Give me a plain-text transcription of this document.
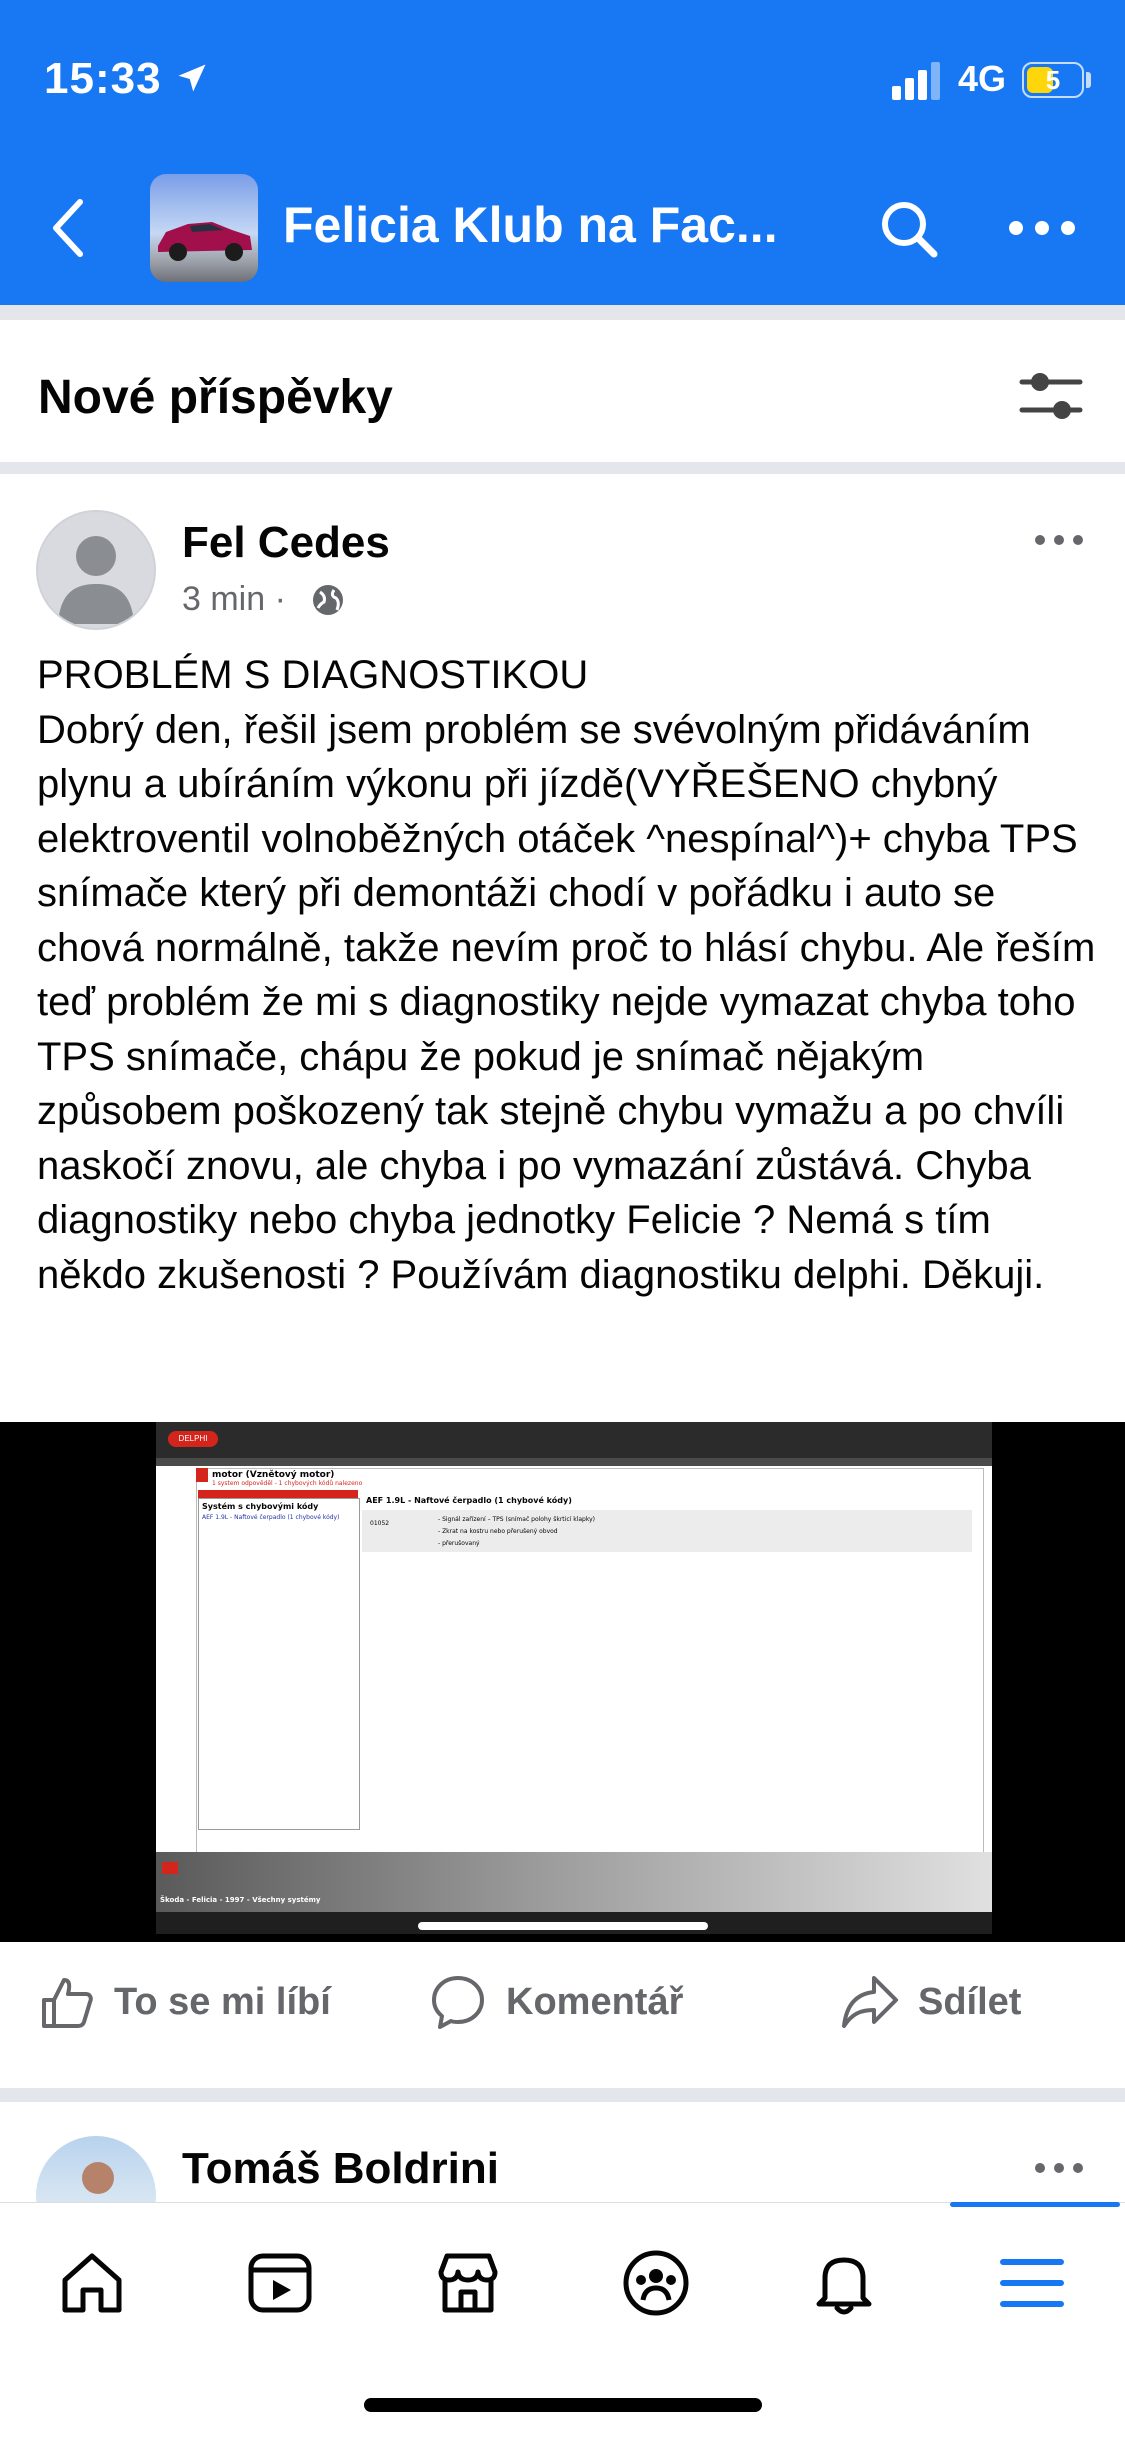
15:33	4G	5
Felicia Klub na Fac...
Nové příspěvky
Fel Cedes
3 min ·
PROBLÉM S DIAGNOSTIKOU
Dobrý den, řešil jsem problém se svévolným přidáváním plynu a ubíráním výkonu při jízdě(VYŘEŠENO chybný elektroventil volnoběžných otáček ^nespínal^)+ chyba TPS snímače který při demontáži chodí v pořádku i auto se chová normálně, takže nevím proč to hlásí chybu. Ale řeším teď problém že mi s diagnostiky nejde vymazat chyba toho TPS snímače, chápu že pokud je snímač nějakým způsobem poškozený tak stejně chybu vymažu a po chvíli naskočí znovu, ale chyba i po vymazání zůstává. Chyba diagnostiky nebo chyba jednotky Felicie ? Nemá s tím někdo zkušenosti ? Používám diagnostiku delphi. Děkuji.
DELPHI
motor (Vznětový motor)
1 system odpověděl - 1 chybových kódů nalezeno
Systém s chybovými kódy
AEF 1.9L - Naftové čerpadlo (1 chybové kódy)
AEF 1.9L - Naftové čerpadlo (1 chybové kódy)
01052
- Signál zařízení – TPS (snímač polohy škrticí klapky)
- Zkrat na kostru nebo přerušený obvod
- přerušovaný
Škoda - Felicia - 1997 - Všechny systémy
To se mi líbí	Komentář	Sdílet
Tomáš Boldrini
